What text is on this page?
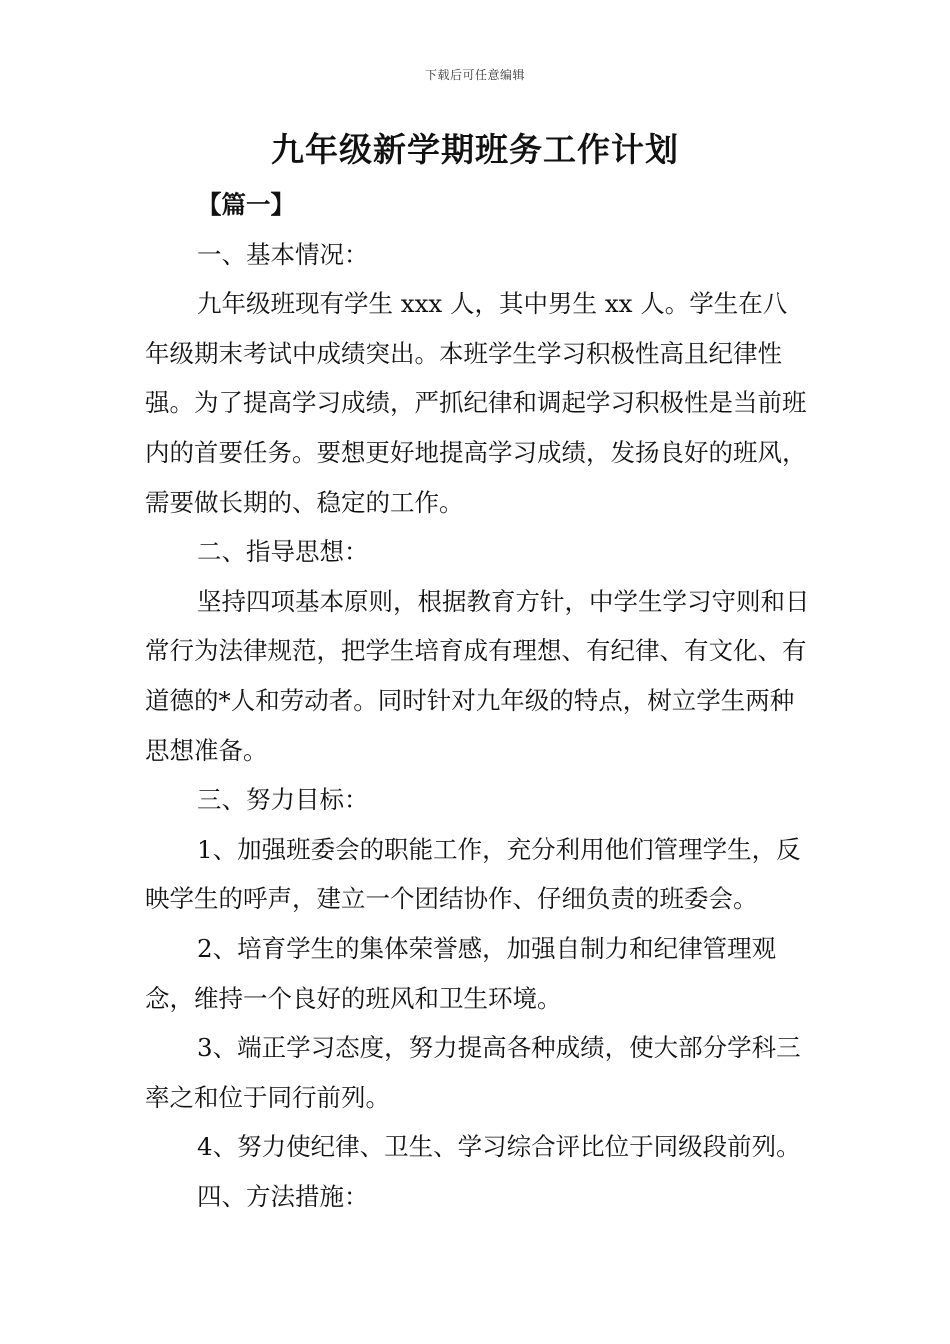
下载后可任意编辑
九年级新学期班务工作计划

【篇一】

一、基本情况：

九年级班现有学生 xxx 人，其中男生 xx 人。学生在八年级期末考试中成绩突出。本班学生学习积极性高且纪律性强。为了提高学习成绩，严抓纪律和调起学习积极性是当前班内的首要任务。要想更好地提高学习成绩，发扬良好的班风，需要做长期的、稳定的工作。

二、指导思想：

坚持四项基本原则，根据教育方针，中学生学习守则和日常行为法律规范，把学生培育成有理想、有纪律、有文化、有道德的*人和劳动者。同时针对九年级的特点，树立学生两种思想准备。

三、努力目标：

1、加强班委会的职能工作，充分利用他们管理学生，反映学生的呼声，建立一个团结协作、仔细负责的班委会。

2、培育学生的集体荣誉感，加强自制力和纪律管理观念，维持一个良好的班风和卫生环境。

3、端正学习态度，努力提高各种成绩，使大部分学科三率之和位于同行前列。

4、努力使纪律、卫生、学习综合评比位于同级段前列。

四、方法措施：
